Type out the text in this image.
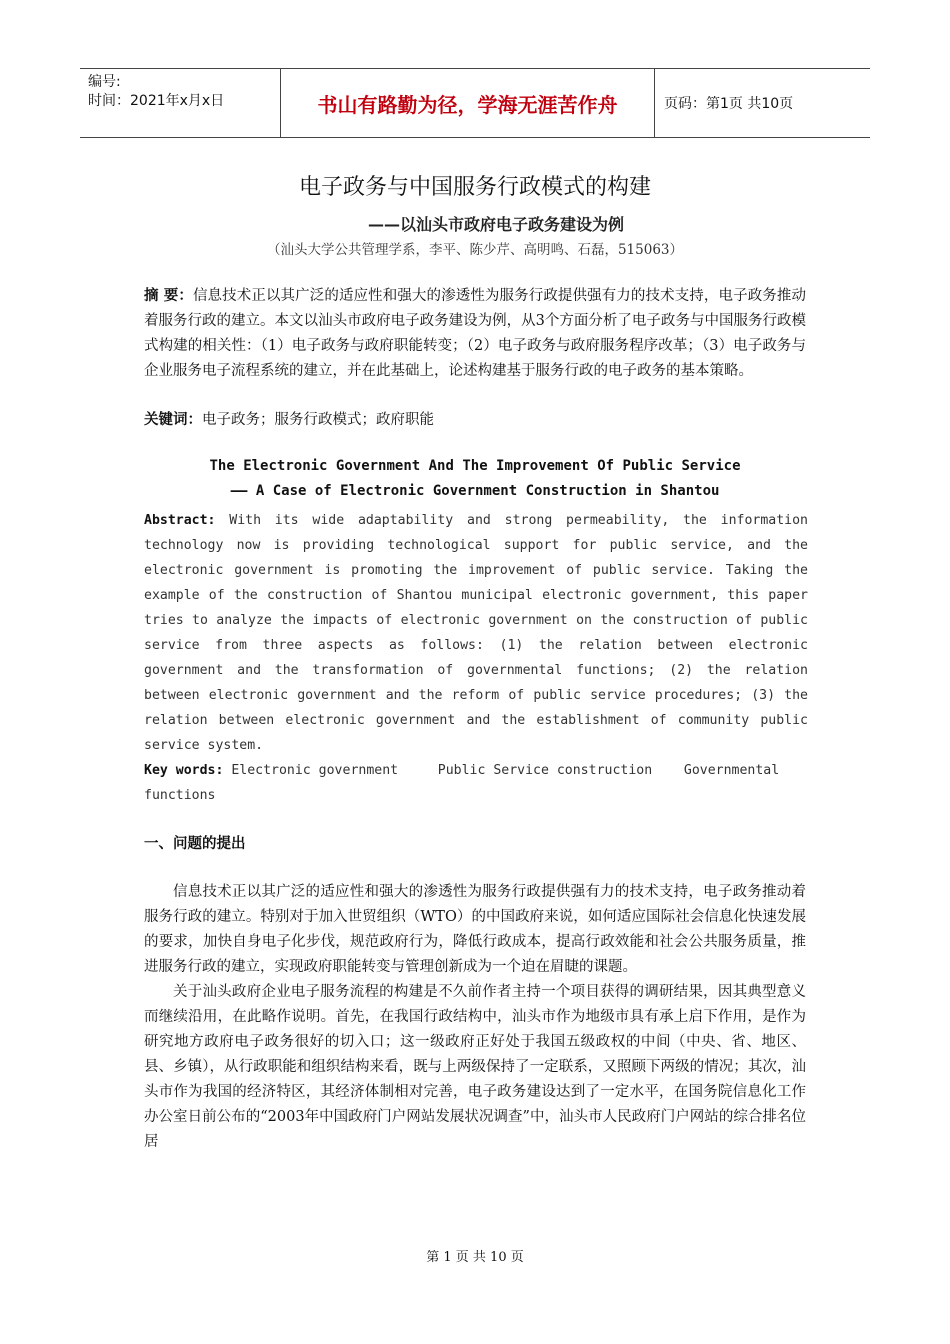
编号:
时间：2021年x月x日	书山有路勤为径，学海无涯苦作舟	页码：第1页 共10页
电子政务与中国服务行政模式的构建
——以汕头市政府电子政务建设为例
（汕头大学公共管理学系，李平、陈少芹、高明鸣、石磊，515063）
摘 要：信息技术正以其广泛的适应性和强大的渗透性为服务行政提供强有力的技术支持，电子政务推动着服务行政的建立。本文以汕头市政府电子政务建设为例，从3个方面分析了电子政务与中国服务行政模式构建的相关性：（1）电子政务与政府职能转变；（2）电子政务与政府服务程序改革；（3）电子政务与企业服务电子流程系统的建立，并在此基础上，论述构建基于服务行政的电子政务的基本策略。
关键词：电子政务；服务行政模式；政府职能
The Electronic Government And The Improvement Of Public Service
—— A Case of Electronic Government Construction in Shantou
Abstract: With its wide adaptability and strong permeability, the information technology now is providing technological support for public service, and the electronic government is promoting the improvement of public service. Taking the example of the construction of Shantou municipal electronic government, this paper tries to analyze the impacts of electronic government on the construction of public service from three aspects as follows: (1) the relation between electronic government and the transformation of governmental functions; (2) the relation between electronic government and the reform of public service procedures; (3) the relation between electronic government and the establishment of community public service system.
Key words: Electronic government     Public Service construction    Governmental functions
一、问题的提出

信息技术正以其广泛的适应性和强大的渗透性为服务行政提供强有力的技术支持，电子政务推动着服务行政的建立。特别对于加入世贸组织（WTO）的中国政府来说，如何适应国际社会信息化快速发展的要求，加快自身电子化步伐，规范政府行为，降低行政成本，提高行政效能和社会公共服务质量，推进服务行政的建立，实现政府职能转变与管理创新成为一个迫在眉睫的课题。

关于汕头政府企业电子服务流程的构建是不久前作者主持一个项目获得的调研结果，因其典型意义而继续沿用，在此略作说明。首先，在我国行政结构中，汕头市作为地级市具有承上启下作用，是作为研究地方政府电子政务很好的切入口；这一级政府正好处于我国五级政权的中间（中央、省、地区、县、乡镇），从行政职能和组织结构来看，既与上两级保持了一定联系，又照顾下两级的情况；其次，汕头市作为我国的经济特区，其经济体制相对完善，电子政务建设达到了一定水平，在国务院信息化工作办公室日前公布的“2003年中国政府门户网站发展状况调查”中，汕头市人民政府门户网站的综合排名位居

第 1 页 共 10 页
